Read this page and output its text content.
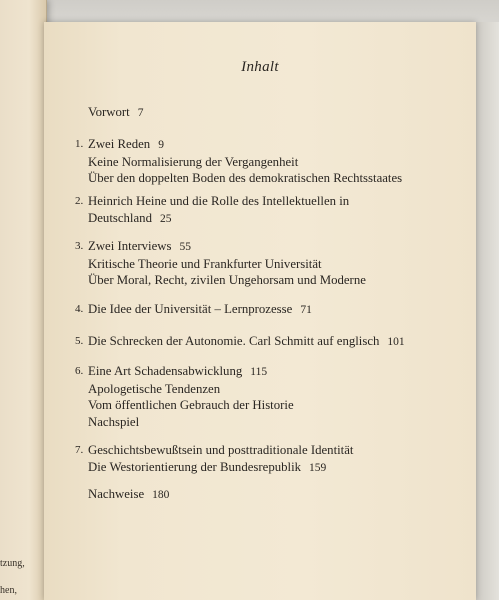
tzung,
hen,
Inhalt
Vorwort 7
1. Zwei Reden 9
Keine Normalisierung der Vergangenheit
Über den doppelten Boden des demokratischen Rechtsstaates
2. Heinrich Heine und die Rolle des Intellektuellen in
Deutschland 25
3. Zwei Interviews 55
Kritische Theorie und Frankfurter Universität
Über Moral, Recht, zivilen Ungehorsam und Moderne
4. Die Idee der Universität – Lernprozesse 71
5. Die Schrecken der Autonomie. Carl Schmitt auf englisch 101
6. Eine Art Schadensabwicklung 115
Apologetische Tendenzen
Vom öffentlichen Gebrauch der Historie
Nachspiel
7. Geschichtsbewußtsein und posttraditionale Identität
Die Westorientierung der Bundesrepublik 159
Nachweise 180
